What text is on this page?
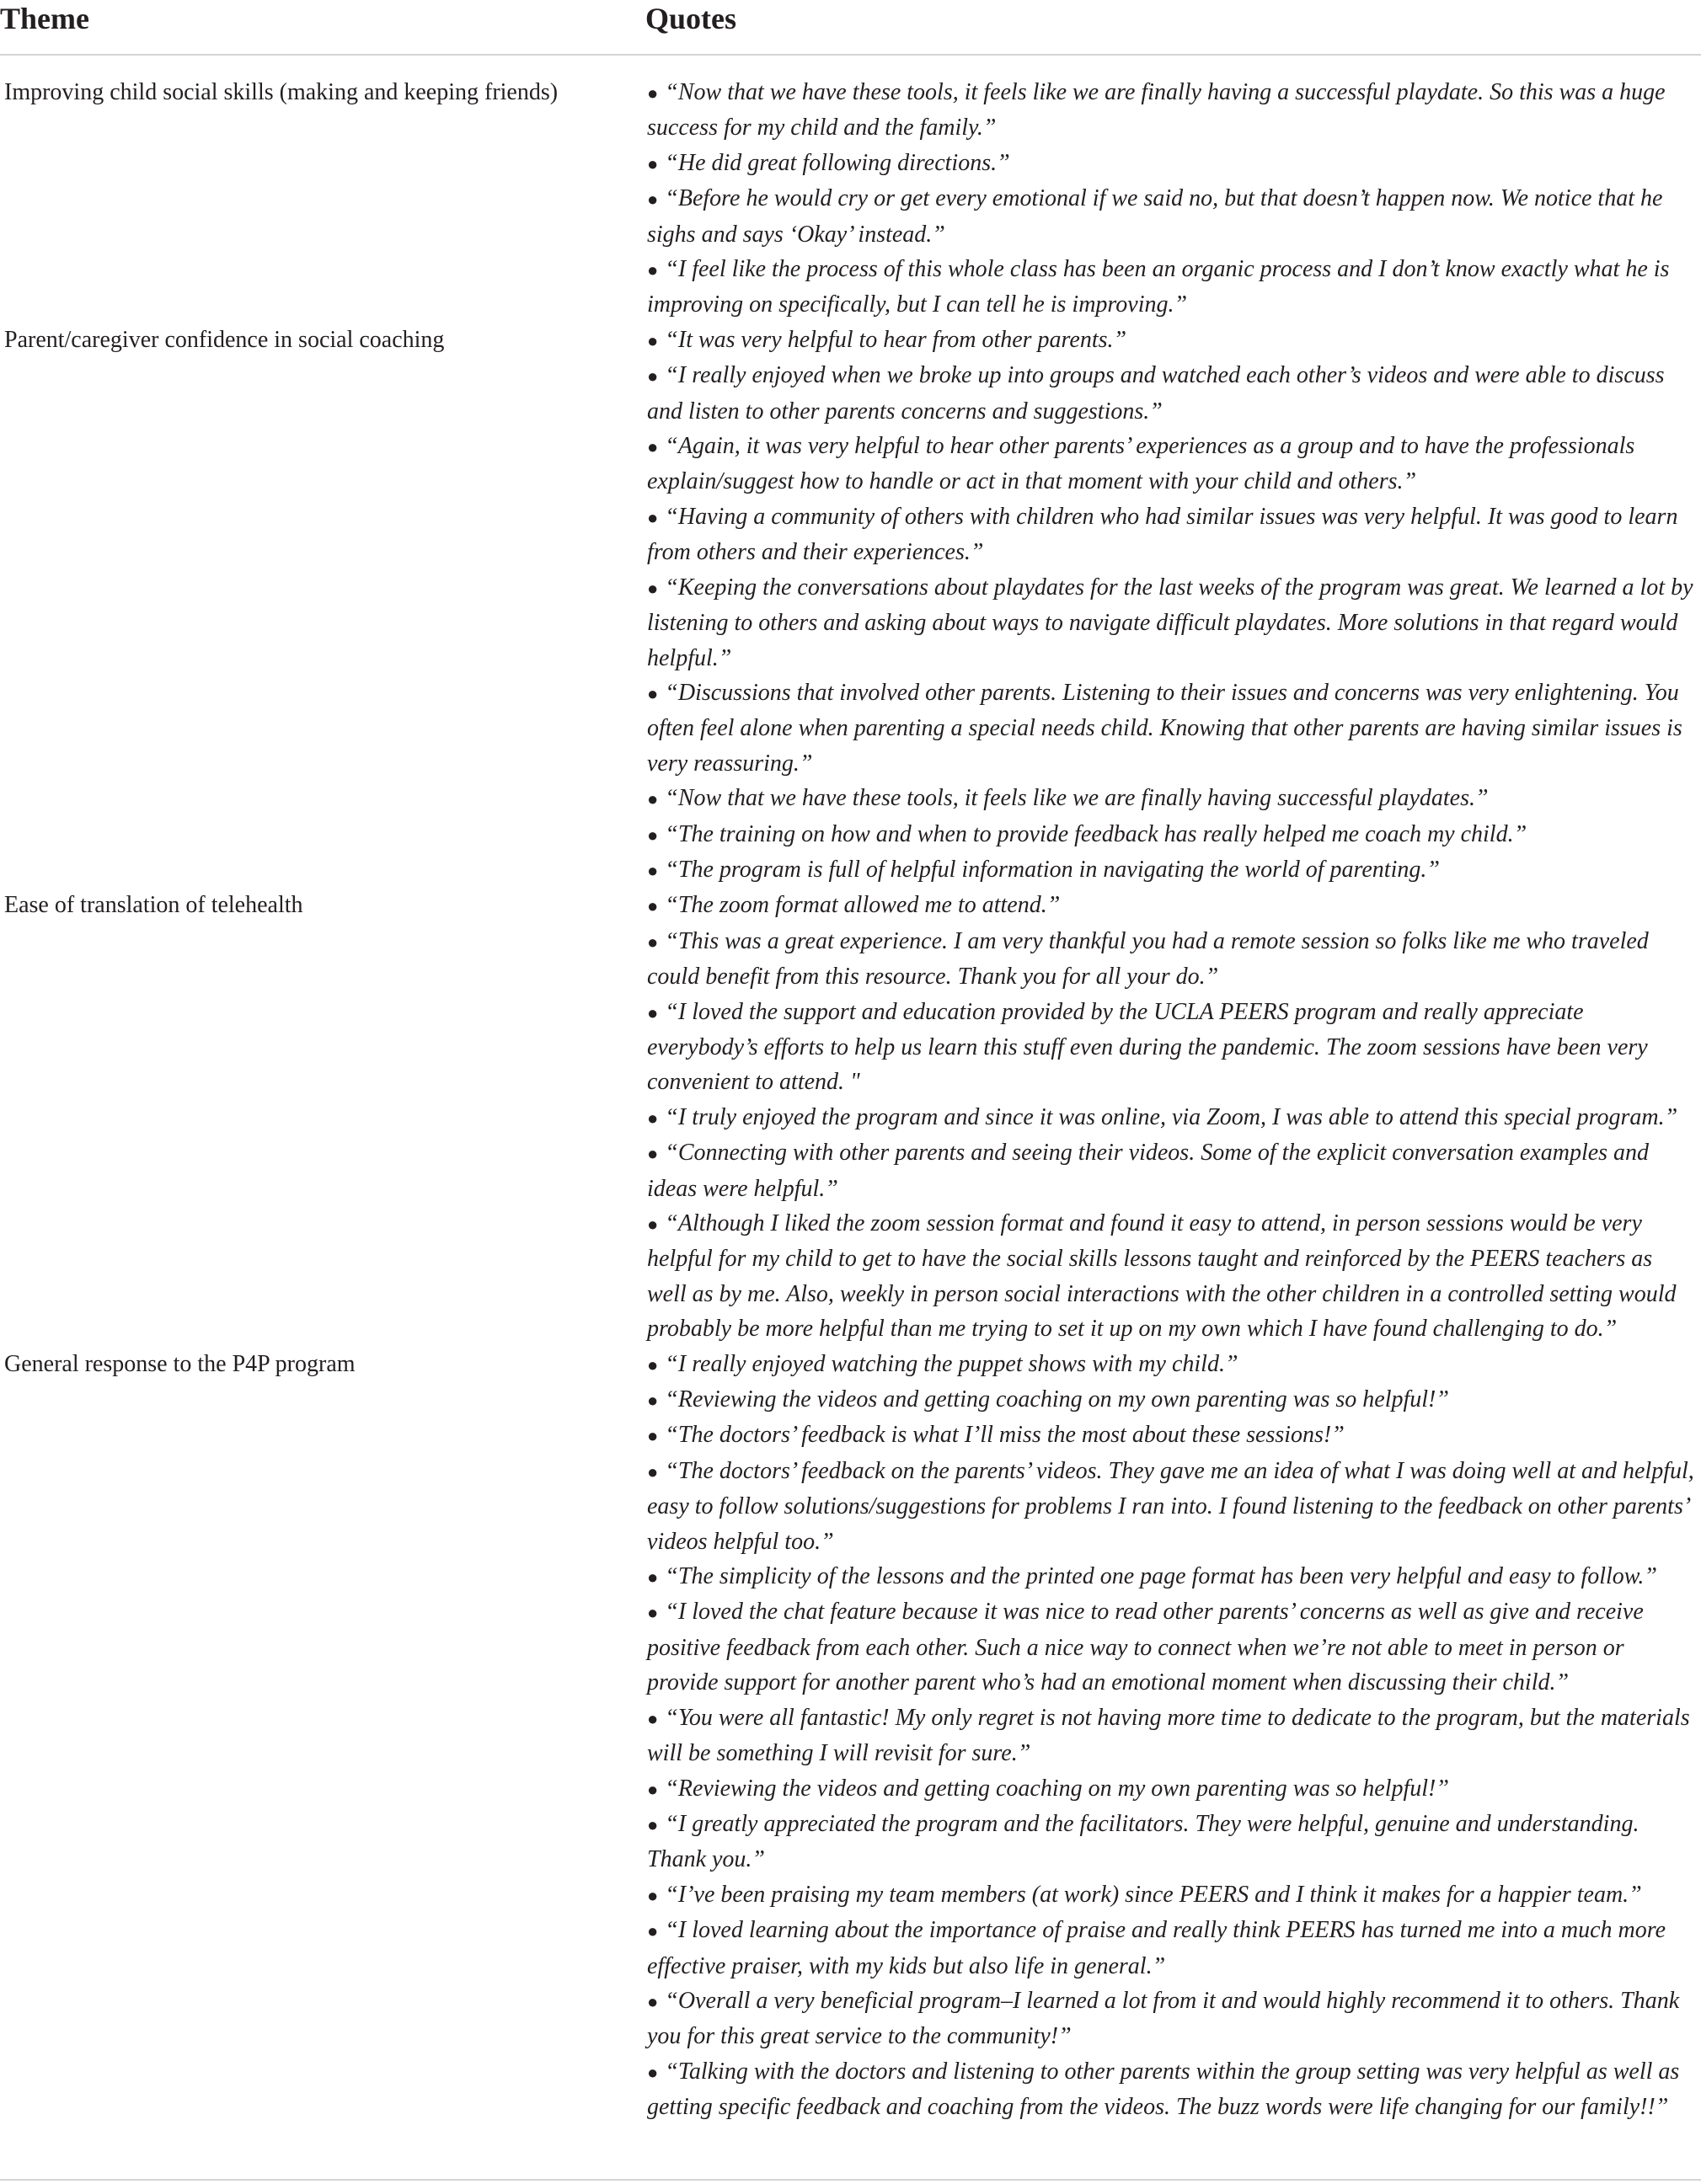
Theme	Quotes
Improving child social skills (making and keeping friends)	● “Now that we have these tools, it feels like we are finally having a successful playdate. So this was a huge success for my child and the family.”
● “He did great following directions.”
● “Before he would cry or get every emotional if we said no, but that doesn’t happen now. We notice that he sighs and says ‘Okay’ instead.”
● “I feel like the process of this whole class has been an organic process and I don’t know exactly what he is improving on specifically, but I can tell he is improving.”
Parent/caregiver confidence in social coaching	● “It was very helpful to hear from other parents.”
● “I really enjoyed when we broke up into groups and watched each other’s videos and were able to discuss and listen to other parents concerns and suggestions.”
● “Again, it was very helpful to hear other parents’ experiences as a group and to have the professionals explain/suggest how to handle or act in that moment with your child and others.”
● “Having a community of others with children who had similar issues was very helpful. It was good to learn from others and their experiences.”
● “Keeping the conversations about playdates for the last weeks of the program was great. We learned a lot by listening to others and asking about ways to navigate difficult playdates. More solutions in that regard would helpful.”
● “Discussions that involved other parents. Listening to their issues and concerns was very enlightening. You often feel alone when parenting a special needs child. Knowing that other parents are having similar issues is very reassuring.”
● “Now that we have these tools, it feels like we are finally having successful playdates.”
● “The training on how and when to provide feedback has really helped me coach my child.”
● “The program is full of helpful information in navigating the world of parenting.”
Ease of translation of telehealth	● “The zoom format allowed me to attend.”
● “This was a great experience. I am very thankful you had a remote session so folks like me who traveled could benefit from this resource. Thank you for all your do.”
● “I loved the support and education provided by the UCLA PEERS program and really appreciate everybody’s efforts to help us learn this stuff even during the pandemic. The zoom sessions have been very convenient to attend. "
● “I truly enjoyed the program and since it was online, via Zoom, I was able to attend this special program.”
● “Connecting with other parents and seeing their videos. Some of the explicit conversation examples and ideas were helpful.”
● “Although I liked the zoom session format and found it easy to attend, in person sessions would be very helpful for my child to get to have the social skills lessons taught and reinforced by the PEERS teachers as well as by me. Also, weekly in person social interactions with the other children in a controlled setting would probably be more helpful than me trying to set it up on my own which I have found challenging to do.”
General response to the P4P program	● “I really enjoyed watching the puppet shows with my child.”
● “Reviewing the videos and getting coaching on my own parenting was so helpful!”
● “The doctors’ feedback is what I’ll miss the most about these sessions!”
● “The doctors’ feedback on the parents’ videos. They gave me an idea of what I was doing well at and helpful, easy to follow solutions/suggestions for problems I ran into. I found listening to the feedback on other parents’ videos helpful too.”
● “The simplicity of the lessons and the printed one page format has been very helpful and easy to follow.”
● “I loved the chat feature because it was nice to read other parents’ concerns as well as give and receive positive feedback from each other. Such a nice way to connect when we’re not able to meet in person or provide support for another parent who’s had an emotional moment when discussing their child.”
● “You were all fantastic! My only regret is not having more time to dedicate to the program, but the materials will be something I will revisit for sure.”
● “Reviewing the videos and getting coaching on my own parenting was so helpful!”
● “I greatly appreciated the program and the facilitators. They were helpful, genuine and understanding. Thank you.”
● “I’ve been praising my team members (at work) since PEERS and I think it makes for a happier team.”
● “I loved learning about the importance of praise and really think PEERS has turned me into a much more effective praiser, with my kids but also life in general.”
● “Overall a very beneficial program–I learned a lot from it and would highly recommend it to others. Thank you for this great service to the community!”
● “Talking with the doctors and listening to other parents within the group setting was very helpful as well as getting specific feedback and coaching from the videos. The buzz words were life changing for our family!!”
